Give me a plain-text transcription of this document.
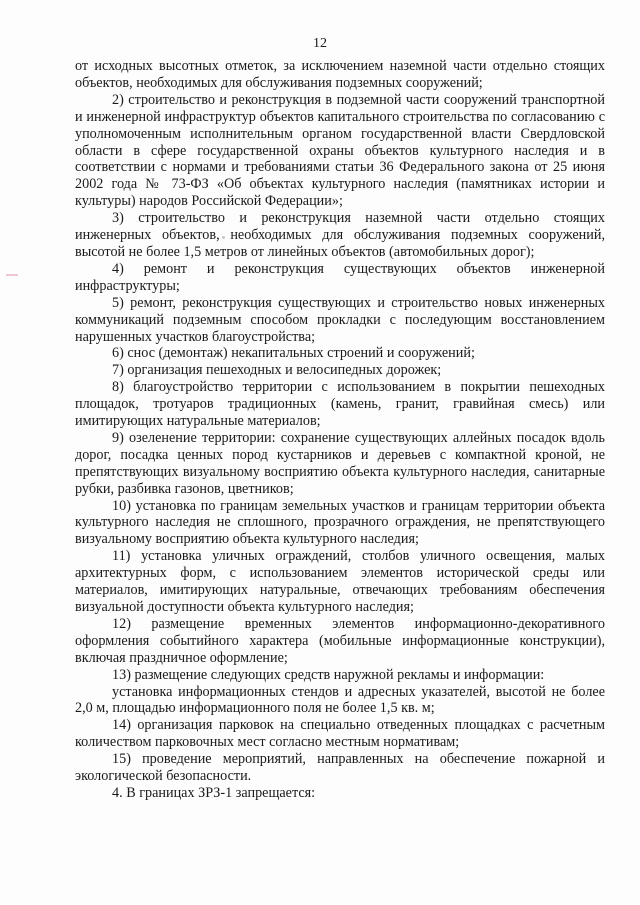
12

от исходных высотных отметок, за исключением наземной части отдельно стоящих объектов, необходимых для обслуживания подземных сооружений;

2) строительство и реконструкция в подземной части сооружений транспортной и инженерной инфраструктур объектов капитального строительства по согласованию с уполномоченным исполнительным органом государственной власти Свердловской области в сфере государственной охраны объектов культурного наследия и в соответствии с нормами и требованиями статьи 36 Федерального закона от 25 июня 2002 года № 73-ФЗ «Об объектах культурного наследия (памятниках истории и культуры) народов Российской Федерации»;

3) строительство и реконструкция наземной части отдельно стоящих инженерных объектов, необходимых для обслуживания подземных сооружений, высотой не более 1,5 метров от линейных объектов (автомобильных дорог);

4) ремонт и реконструкция существующих объектов инженерной инфраструктуры;

5) ремонт, реконструкция существующих и строительство новых инженерных коммуникаций подземным способом прокладки с последующим восстановлением нарушенных участков благоустройства;

6) снос (демонтаж) некапитальных строений и сооружений;

7) организация пешеходных и велосипедных дорожек;

8) благоустройство территории с использованием в покрытии пешеходных площадок, тротуаров традиционных (камень, гранит, гравийная смесь) или имитирующих натуральные материалов;

9) озеленение территории: сохранение существующих аллейных посадок вдоль дорог, посадка ценных пород кустарников и деревьев с компактной кроной, не препятствующих визуальному восприятию объекта культурного наследия, санитарные рубки, разбивка газонов, цветников;

10) установка по границам земельных участков и границам территории объекта культурного наследия не сплошного, прозрачного ограждения, не препятствующего визуальному восприятию объекта культурного наследия;

11) установка уличных ограждений, столбов уличного освещения, малых архитектурных форм, с использованием элементов исторической среды или материалов, имитирующих натуральные, отвечающих требованиям обеспечения визуальной доступности объекта культурного наследия;

12) размещение временных элементов информационно-декоративного оформления событийного характера (мобильные информационные конструкции), включая праздничное оформление;

13) размещение следующих средств наружной рекламы и информации:

установка информационных стендов и адресных указателей, высотой не более 2,0 м, площадью информационного поля не более 1,5 кв. м;

14) организация парковок на специально отведенных площадках с расчетным количеством парковочных мест согласно местным нормативам;

15) проведение мероприятий, направленных на обеспечение пожарной и экологической безопасности.

4. В границах ЗРЗ-1 запрещается:
